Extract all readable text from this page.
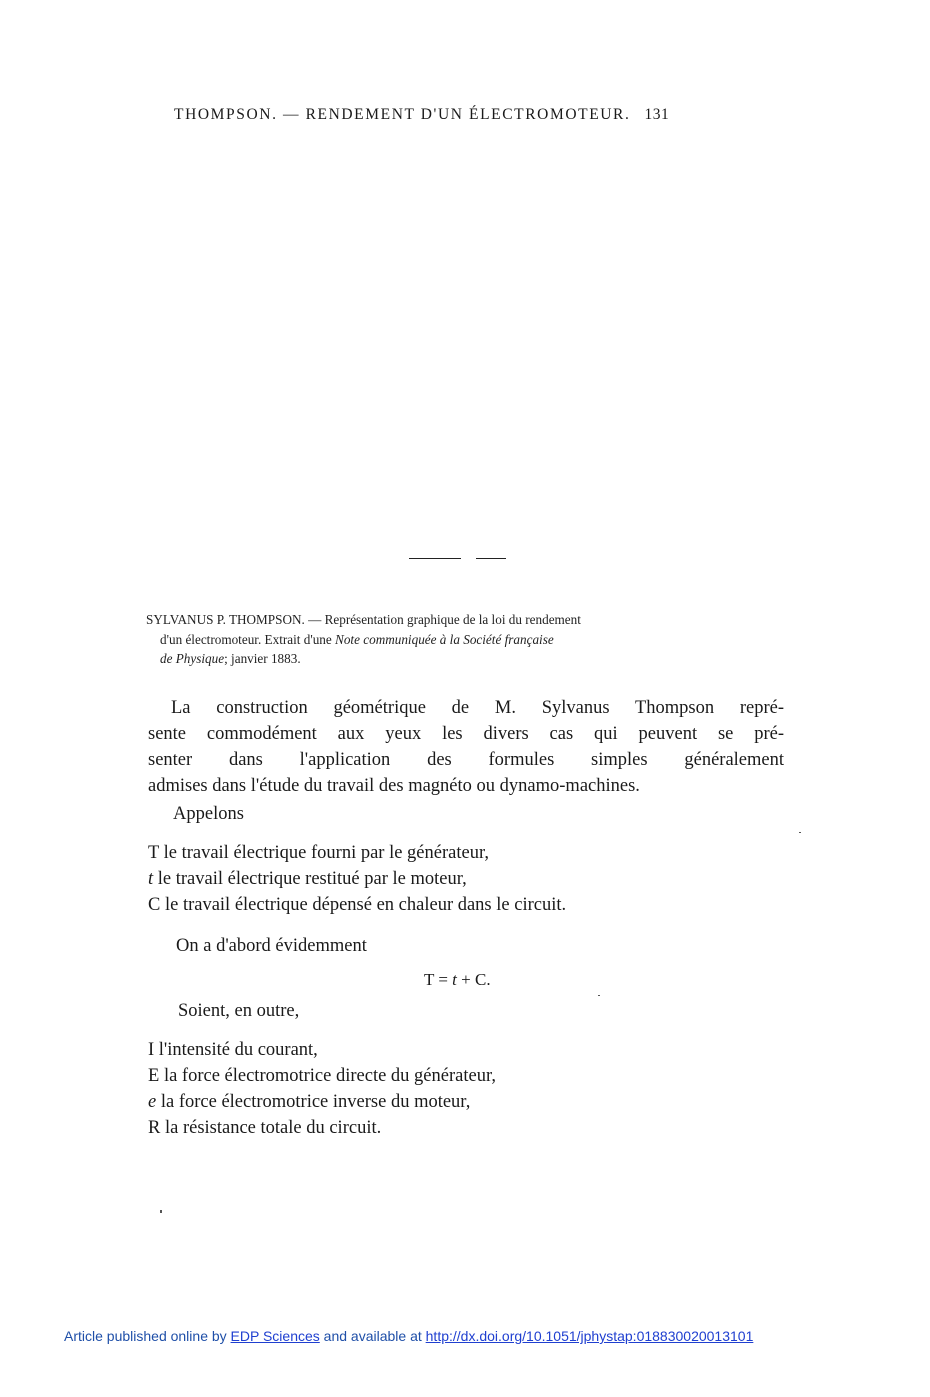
THOMPSON. — RENDEMENT D'UN ÉLECTROMOTEUR. 131
SYLVANUS P. THOMPSON. — Représentation graphique de la loi du rendement
d'un électromoteur. Extrait d'une Note communiquée à la Société française
de Physique; janvier 1883.
La construction géométrique de M. Sylvanus Thompson repré-
sente commodément aux yeux les divers cas qui peuvent se pré-
senter dans l'application des formules simples généralement
admises dans l'étude du travail des magnéto ou dynamo-machines.
Appelons
T le travail électrique fourni par le générateur,
t le travail électrique restitué par le moteur,
C le travail électrique dépensé en chaleur dans le circuit.
On a d'abord évidemment
T = t + C.
Soient, en outre,
I l'intensité du courant,
E la force électromotrice directe du générateur,
e la force électromotrice inverse du moteur,
R la résistance totale du circuit.
Article published online by EDP Sciences and available at http://dx.doi.org/10.1051/jphystap:018830020013101
